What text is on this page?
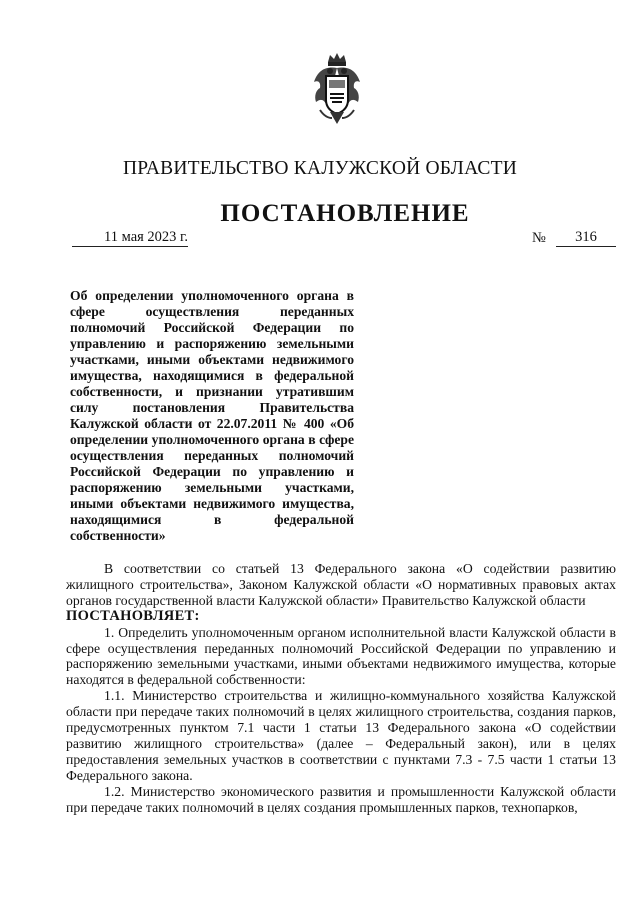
ПРАВИТЕЛЬСТВО КАЛУЖСКОЙ ОБЛАСТИ
ПОСТАНОВЛЕНИЕ
11 мая 2023 г.	№	316
Об определении уполномоченного органа в сфере осуществления переданных полномочий Российской Федерации по управлению и распоряжению земельными участками, иными объектами недвижимого имущества, находящимися в федеральной собственности, и признании утратившим силу постановления Правительства Калужской области от 22.07.2011 № 400 «Об определении уполномоченного органа в сфере осуществления переданных полномочий Российской Федерации по управлению и распоряжению земельными участками, иными объектами недвижимого имущества, находящимися в федеральной собственности»

В соответствии со статьей 13 Федерального закона «О содействии развитию жилищного строительства», Законом Калужской области «О нормативных правовых актах органов государственной власти Калужской области» Правительство Калужской области

ПОСТАНОВЛЯЕТ:

1. Определить уполномоченным органом исполнительной власти Калужской области в сфере осуществления переданных полномочий Российской Федерации по управлению и распоряжению земельными участками, иными объектами недвижимого имущества, которые находятся в федеральной собственности:

1.1. Министерство строительства и жилищно-коммунального хозяйства Калужской области при передаче таких полномочий в целях жилищного строительства, создания парков, предусмотренных пунктом 7.1 части 1 статьи 13 Федерального закона «О содействии развитию жилищного строительства» (далее – Федеральный закон), или в целях предоставления земельных участков в соответствии с пунктами 7.3 - 7.5 части 1 статьи 13 Федерального закона.

1.2. Министерство экономического развития и промышленности Калужской области при передаче таких полномочий в целях создания промышленных парков, технопарков,
